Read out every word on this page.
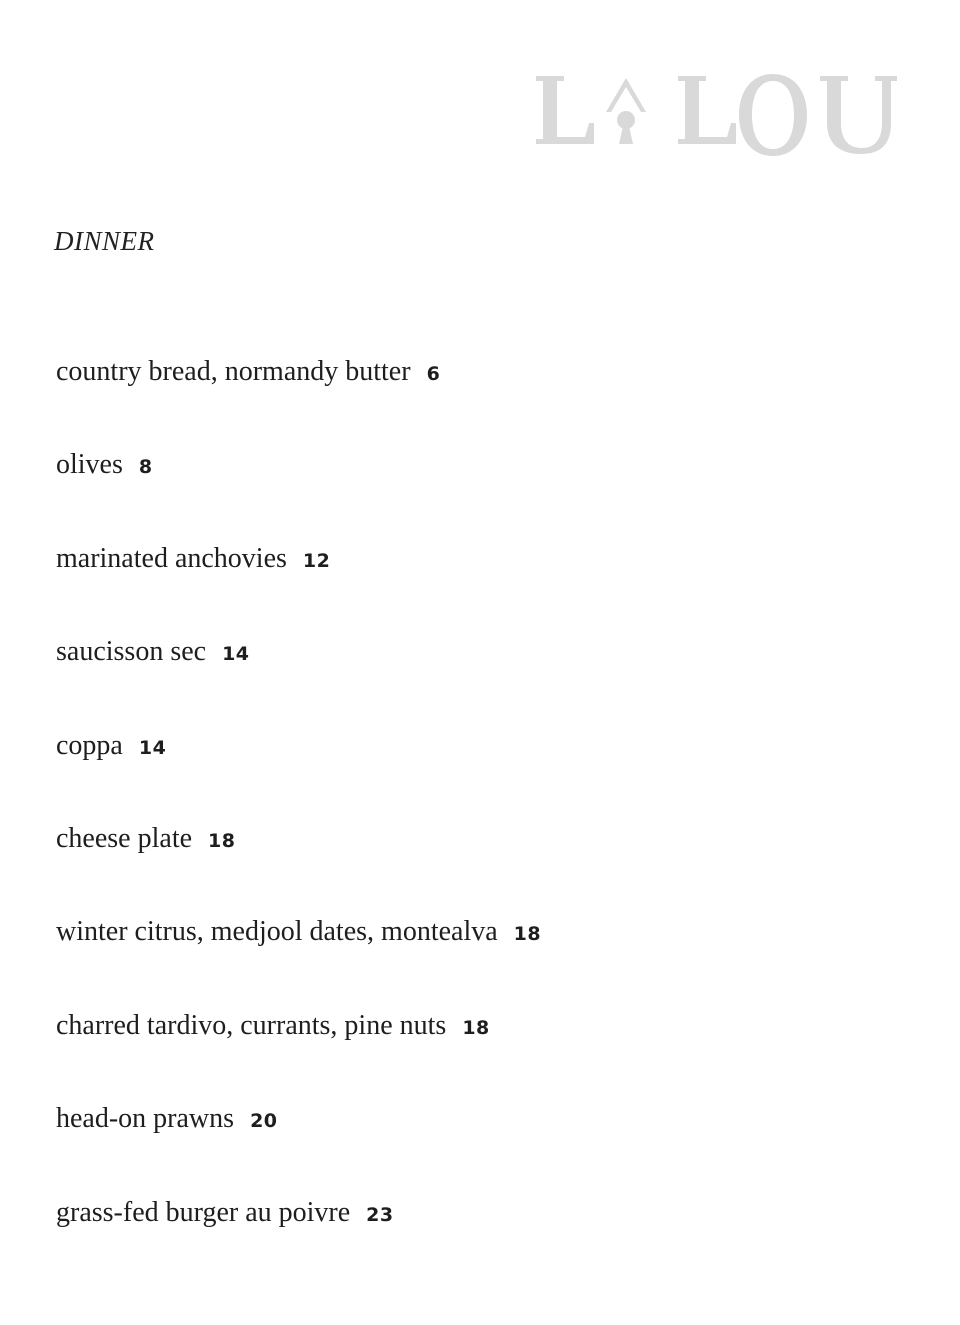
DINNER
country bread, normandy butter 6
olives 8
marinated anchovies 12
saucisson sec 14
coppa 14
cheese plate 18
winter citrus, medjool dates, montealva 18
charred tardivo, currants, pine nuts 18
head-on prawns 20
grass-fed burger au poivre 23
